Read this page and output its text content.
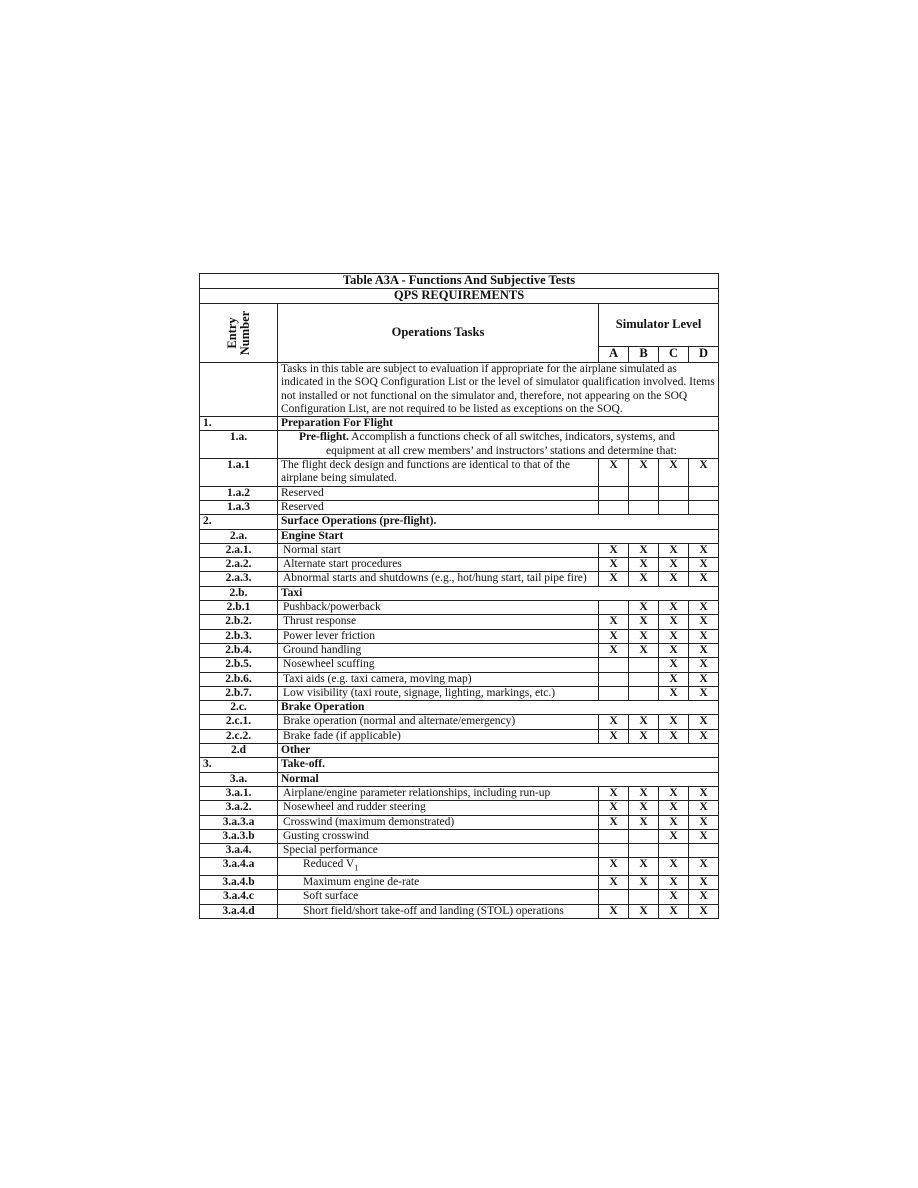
Table A3A - Functions And Subjective Tests					
QPS REQUIREMENTS					

Entry Number	Operations Tasks	Simulator Level			
		A	B	C	D
	Tasks in this table are subject to evaluation if appropriate for the airplane simulated as indicated in the SOQ Configuration List or the level of simulator qualification involved. Items not installed or not functional on the simulator and, therefore, not appearing on the SOQ Configuration List, are not required to be listed as exceptions on the SOQ.				
1.	Preparation For Flight				
1.a.	Pre-flight. Accomplish a functions check of all switches, indicators, systems, and
equipment at all crew members’ and instructors’ stations and determine that:				

1.a.1	The flight deck design and functions are identical to that of the airplane being simulated.	X	X	X	X
1.a.2	Reserved				
1.a.3	Reserved				
2.	Surface Operations (pre-flight).				
2.a.	Engine Start				
2.a.1.	Normal start	X	X	X	X
2.a.2.	Alternate start procedures	X	X	X	X
2.a.3.	Abnormal starts and shutdowns (e.g., hot/hung start, tail pipe fire)	X	X	X	X
2.b.	Taxi				
2.b.1	Pushback/powerback		X	X	X
2.b.2.	Thrust response	X	X	X	X
2.b.3.	Power lever friction	X	X	X	X
2.b.4.	Ground handling	X	X	X	X
2.b.5.	Nosewheel scuffing			X	X
2.b.6.	Taxi aids (e.g. taxi camera, moving map)			X	X
2.b.7.	Low visibility (taxi route, signage, lighting, markings, etc.)			X	X
2.c.	Brake Operation				
2.c.1.	Brake operation (normal and alternate/emergency)	X	X	X	X
2.c.2.	Brake fade (if applicable)	X	X	X	X
2.d	Other				
3.	Take-off.				
3.a.	Normal				
3.a.1.	Airplane/engine parameter relationships, including run-up	X	X	X	X
3.a.2.	Nosewheel and rudder steering	X	X	X	X
3.a.3.a	Crosswind (maximum demonstrated)	X	X	X	X
3.a.3.b	Gusting crosswind			X	X
3.a.4.	Special performance				
3.a.4.a	Reduced $V_1$	X	X	X	X
3.a.4.b	Maximum engine de-rate	X	X	X	X
3.a.4.c	Soft surface			X	X
3.a.4.d	Short field/short take-off and landing (STOL) operations	X	X	X	X
